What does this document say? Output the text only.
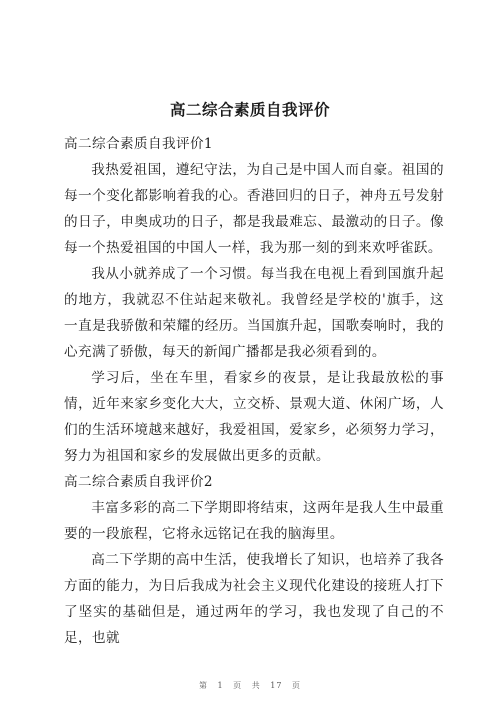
高二综合素质自我评价
高二综合素质自我评价1

我热爱祖国，遵纪守法，为自己是中国人而自豪。祖国的每一个变化都影响着我的心。香港回归的日子，神舟五号发射的日子，申奥成功的日子，都是我最难忘、最激动的日子。像每一个热爱祖国的中国人一样，我为那一刻的到来欢呼雀跃。

我从小就养成了一个习惯。每当我在电视上看到国旗升起的地方，我就忍不住站起来敬礼。我曾经是学校的'旗手，这一直是我骄傲和荣耀的经历。当国旗升起，国歌奏响时，我的心充满了骄傲，每天的新闻广播都是我必须看到的。

学习后，坐在车里，看家乡的夜景，是让我最放松的事情，近年来家乡变化大大，立交桥、景观大道、休闲广场，人们的生活环境越来越好，我爱祖国，爱家乡，必须努力学习，努力为祖国和家乡的发展做出更多的贡献。

高二综合素质自我评价2

丰富多彩的高二下学期即将结束，这两年是我人生中最重要的一段旅程，它将永远铭记在我的脑海里。

高二下学期的高中生活，使我增长了知识，也培养了我各方面的能力，为日后我成为社会主义现代化建设的接班人打下了坚实的基础但是，通过两年的学习，我也发现了自己的不足，也就

第 1 页 共 17 页
